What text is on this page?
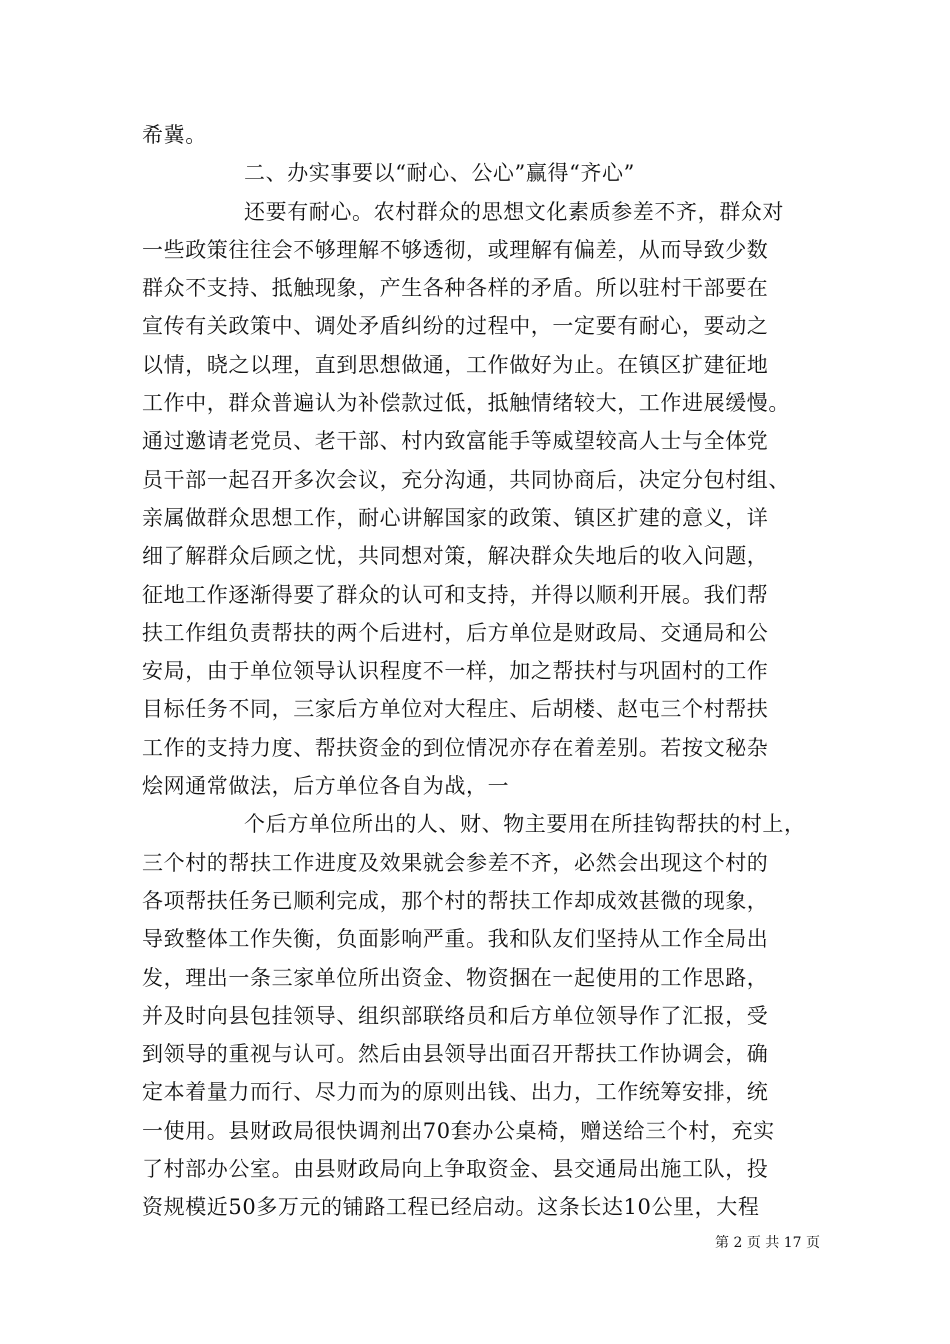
希冀。
二、办实事要以“耐心、公心”赢得“齐心”
还要有耐心。农村群众的思想文化素质参差不齐，群众对
一些政策往往会不够理解不够透彻，或理解有偏差，从而导致少数
群众不支持、抵触现象，产生各种各样的矛盾。所以驻村干部要在
宣传有关政策中、调处矛盾纠纷的过程中，一定要有耐心，要动之
以情，晓之以理，直到思想做通，工作做好为止。在镇区扩建征地
工作中，群众普遍认为补偿款过低，抵触情绪较大，工作进展缓慢。
通过邀请老党员、老干部、村内致富能手等威望较高人士与全体党
员干部一起召开多次会议，充分沟通，共同协商后，决定分包村组、
亲属做群众思想工作，耐心讲解国家的政策、镇区扩建的意义，详
细了解群众后顾之忧，共同想对策，解决群众失地后的收入问题，
征地工作逐渐得要了群众的认可和支持，并得以顺利开展。我们帮
扶工作组负责帮扶的两个后进村，后方单位是财政局、交通局和公
安局，由于单位领导认识程度不一样，加之帮扶村与巩固村的工作
目标任务不同，三家后方单位对大程庄、后胡楼、赵屯三个村帮扶
工作的支持力度、帮扶资金的到位情况亦存在着差别。若按文秘杂
烩网通常做法，后方单位各自为战，一
个后方单位所出的人、财、物主要用在所挂钩帮扶的村上，
三个村的帮扶工作进度及效果就会参差不齐，必然会出现这个村的
各项帮扶任务已顺利完成，那个村的帮扶工作却成效甚微的现象，
导致整体工作失衡，负面影响严重。我和队友们坚持从工作全局出
发，理出一条三家单位所出资金、物资捆在一起使用的工作思路，
并及时向县包挂领导、组织部联络员和后方单位领导作了汇报，受
到领导的重视与认可。然后由县领导出面召开帮扶工作协调会，确
定本着量力而行、尽力而为的原则出钱、出力，工作统筹安排，统
一使用。县财政局很快调剂出70套办公桌椅，赠送给三个村，充实
了村部办公室。由县财政局向上争取资金、县交通局出施工队，投
资规模近50多万元的铺路工程已经启动。这条长达10公里，大程
第 2 页 共 17 页
